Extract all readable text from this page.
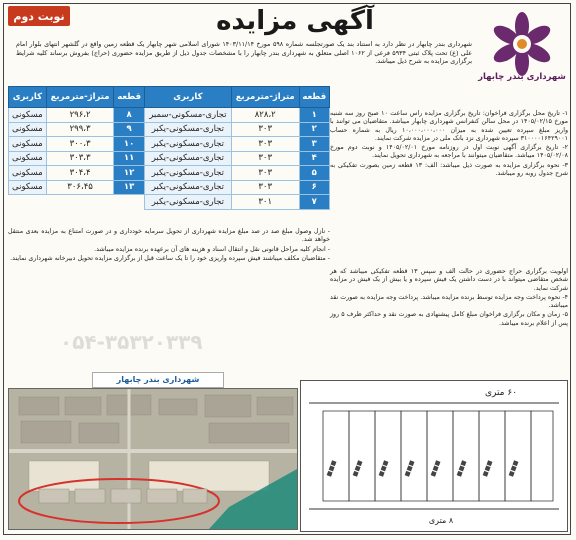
نوبت دوم	آگهی مزایده
شهرداری بندر چابهار

شهرداری بندر چابهار در نظر دارد به استناد بند یک صورتجلسه شماره ۵۹۸ مورخ ۱۴۰۳/۱۱/۱۴ شورای اسلامی شهر چابهار یک قطعه زمین واقع در گلشهر انتهای بلوار امام علی (ع) تحت پلاک ثبتی ۵۹۳۴ فرعی از ۱۰۶۲ اصلی متعلق به شهرداری بندر چابهار را با مشخصات جدول ذیل از طریق مزایده حضوری (حراج) بفروش برساند کلیه شرایط برگزاری مزایده به شرح ذیل میباشد.

۱- تاریخ محل برگزاری فراخوان: تاریخ برگزاری مزایده راس ساعت ۱۰ صبح روز سه شنبه مورخ ۱۴۰۵/۰۲/۱۵ در محل سالن کنفرانس شهرداری چابهار میباشد. متقاضیان می توانند با واریز مبلغ سپرده تعیین شده به میزان ۱۰،۰۰۰،۰۰۰،۰۰۰ ریال به شماره حساب ۳۱۰۰۰۰۱۶۴۲۹۰۰۱ سپرده شهرداری نزد بانک ملی در مزایده شرکت نمایند.

۲- تاریخ برگزاری آگهی نوبت اول در روزنامه مورخ ۱۴۰۵/۰۲/۰۱ و نوبت دوم مورخ ۱۴۰۵/۰۲/۰۸ میباشد. متقاضیان میتوانند با مراجعه به شهرداری تحویل نمایند.

۳- نحوه برگزاری مزایده به صورت ذیل میباشد: الف: ۱۳ قطعه زمین بصورت تفکیکی به شرح جدول روبه رو میباشد.

قطعه	متراژ-مترمربع	کاربری	قطعه	متراژ-مترمربع	کاربری
۱	۸۲۸،۲	تجاری-مسکونی-سمبر	۸	۲۹۶،۲	مسکونی
۲	۳۰۳	تجاری-مسکونی-یکبر	۹	۲۹۹،۳	مسکونی
۳	۳۰۳	تجاری-مسکونی-یکبر	۱۰	۳۰۰،۳	مسکونی
۴	۳۰۳	تجاری-مسکونی-یکبر	۱۱	۳۰۳،۳	مسکونی
۵	۳۰۳	تجاری-مسکونی-یکبر	۱۲	۳۰۴،۴	مسکونی
۶	۳۰۳	تجاری-مسکونی-یکبر	۱۳	۳۰۶،۴۵	مسکونی
۷	۳۰۱	تجاری-مسکونی-یکبر			

- نازل وصول مبلغ صد در صد مبلغ مزایده شهرداری از تحویل سرمایه خودداری و در صورت امتناع به مزایده بعدی منتقل خواهد شد.

- انجام کلیه مراحل قانونی نقل و انتقال اسناد و هزینه های آن برعهده برنده مزایده میباشد.

- متقاضیان مکلف میباشند فیش سپرده واریزی خود را تا یک ساعت قبل از برگزاری مزایده تحویل دبیرخانه شهرداری نمایند.

اولویت برگزاری حراج حضوری در حالت الف و سپس ۱۳ قطعه تفکیکی میباشد که هر شخص متقاضی میتواند با در دست داشتن یک فیش سپرده و یا بیش از یک فیش در مزایده شرکت نماید.

۴- نحوه پرداخت وجه مزایده توسط برنده مزایده میباشد. پرداخت وجه مزایده به صورت نقد میباشد.

۵- زمان و مکان برگزاری فراخوان مبلغ کامل پیشنهادی به صورت نقد و حداکثر ظرف ۵ روز پس از اعلام برنده میباشد.

۰۵۴-۳۵۳۲۰۳۳۹
شهرداری بندر چابهار
۶۰ متری
۸ متری
■■■ ■■■ ■■■ ■■■ ■■■ ■■■ ■■■ ■■■
